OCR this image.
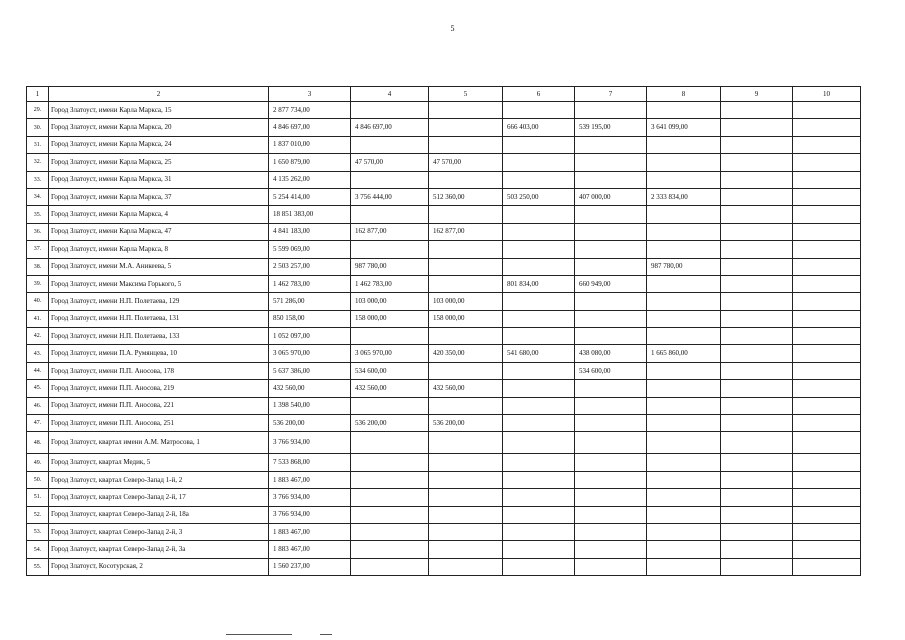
5
1	2	3	4	5	6	7	8	9	10
29.	Город Златоуст, имени Карла Маркса, 15	2 877 734,00							
30.	Город Златоуст, имени Карла Маркса, 20	4 846 697,00	4 846 697,00		666 403,00	539 195,00	3 641 099,00		
31.	Город Златоуст, имени Карла Маркса, 24	1 837 010,00							
32.	Город Златоуст, имени Карла Маркса, 25	1 650 879,00	47 570,00	47 570,00					
33.	Город Златоуст, имени Карла Маркса, 31	4 135 262,00							
34.	Город Златоуст, имени Карла Маркса, 37	5 254 414,00	3 756 444,00	512 360,00	503 250,00	407 000,00	2 333 834,00		
35.	Город Златоуст, имени Карла Маркса, 4	18 851 383,00							
36.	Город Златоуст, имени Карла Маркса, 47	4 841 183,00	162 877,00	162 877,00					
37.	Город Златоуст, имени Карла Маркса, 8	5 599 069,00							
38.	Город Златоуст, имени М.А. Аникеева, 5	2 503 257,00	987 780,00				987 780,00		
39.	Город Златоуст, имени Максима Горького, 5	1 462 783,00	1 462 783,00		801 834,00	660 949,00			
40.	Город Златоуст, имени Н.П. Полетаева, 129	571 286,00	103 000,00	103 000,00					
41.	Город Златоуст, имени Н.П. Полетаева, 131	850 158,00	158 000,00	158 000,00					
42.	Город Златоуст, имени Н.П. Полетаева, 133	1 052 097,00							
43.	Город Златоуст, имени П.А. Румянцева, 10	3 065 970,00	3 065 970,00	420 350,00	541 680,00	438 080,00	1 665 860,00		
44.	Город Златоуст, имени П.П. Аносова, 178	5 637 386,00	534 600,00			534 600,00			
45.	Город Златоуст, имени П.П. Аносова, 219	432 560,00	432 560,00	432 560,00					
46.	Город Златоуст, имени П.П. Аносова, 221	1 398 540,00							
47.	Город Златоуст, имени П.П. Аносова, 251	536 200,00	536 200,00	536 200,00					
48.	Город Златоуст, квартал имени А.М. Матросова, 1	3 766 934,00							
49.	Город Златоуст, квартал Медик, 5	7 533 868,00							
50.	Город Златоуст, квартал Северо-Запад 1-й, 2	1 883 467,00							
51.	Город Златоуст, квартал Северо-Запад 2-й, 17	3 766 934,00							
52.	Город Златоуст, квартал Северо-Запад 2-й, 18а	3 766 934,00							
53.	Город Златоуст, квартал Северо-Запад 2-й, 3	1 883 467,00							
54.	Город Златоуст, квартал Северо-Запад 2-й, 3а	1 883 467,00							
55.	Город Златоуст, Косотурская, 2	1 560 237,00							
